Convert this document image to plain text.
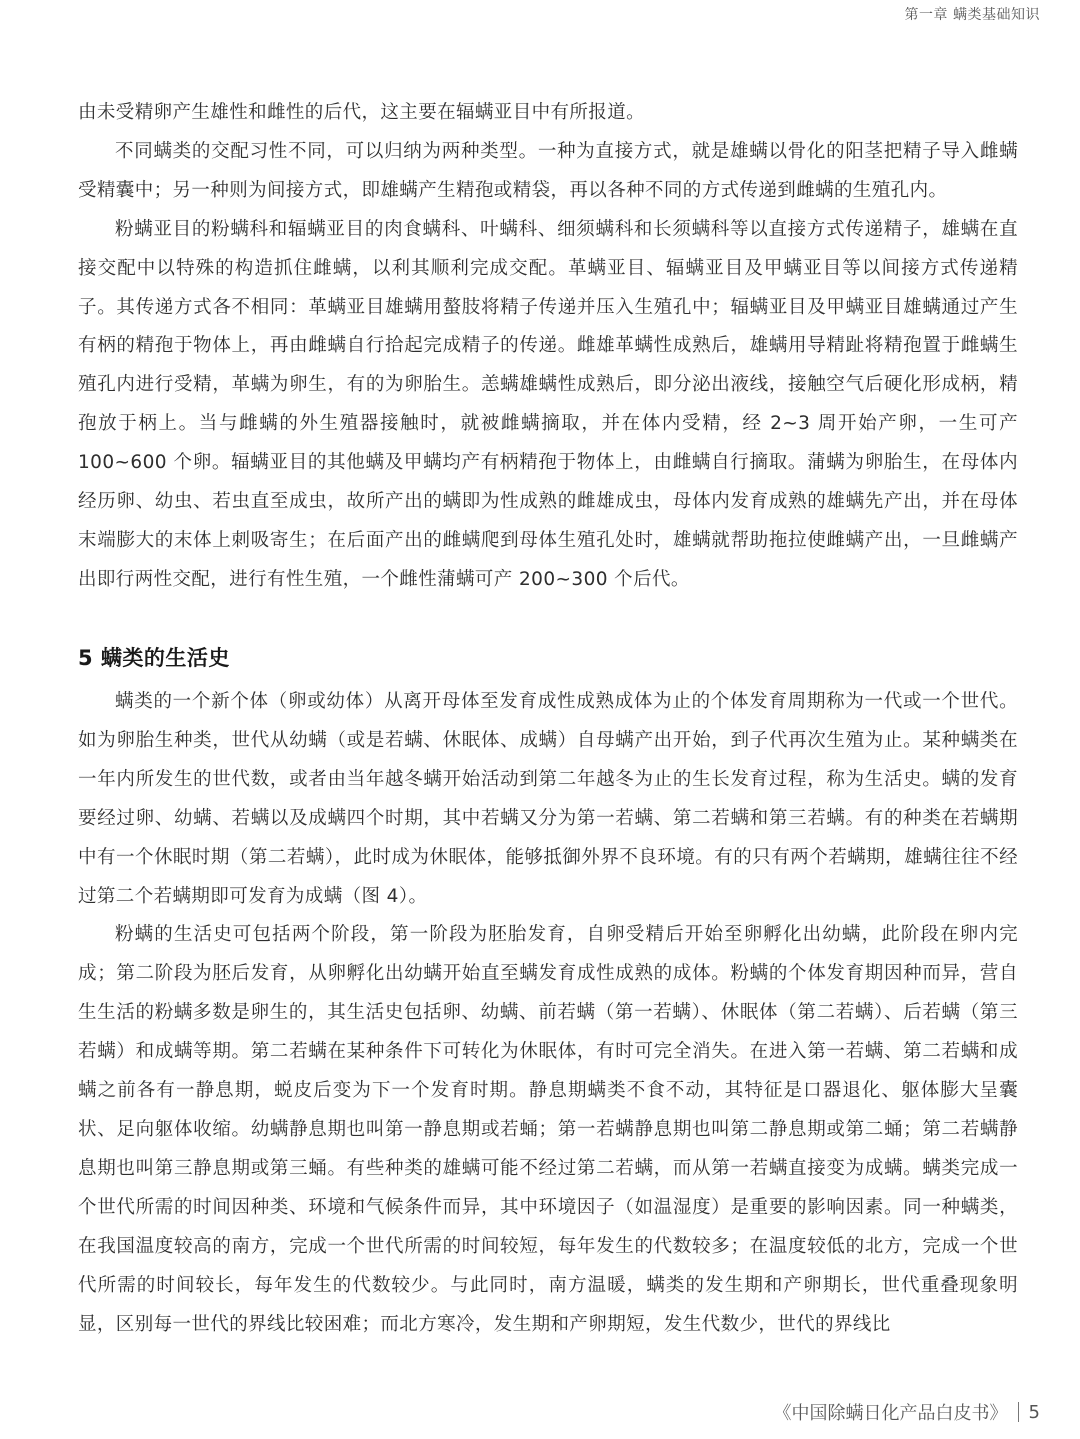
第一章 螨类基础知识

由未受精卵产生雄性和雌性的后代，这主要在辐螨亚目中有所报道。

不同螨类的交配习性不同，可以归纳为两种类型。一种为直接方式，就是雄螨以骨化的阳茎把精子导入雌螨受精囊中；另一种则为间接方式，即雄螨产生精孢或精袋，再以各种不同的方式传递到雌螨的生殖孔内。

粉螨亚目的粉螨科和辐螨亚目的肉食螨科、叶螨科、细须螨科和长须螨科等以直接方式传递精子，雄螨在直接交配中以特殊的构造抓住雌螨，以利其顺利完成交配。革螨亚目、辐螨亚目及甲螨亚目等以间接方式传递精子。其传递方式各不相同：革螨亚目雄螨用螯肢将精子传递并压入生殖孔中；辐螨亚目及甲螨亚目雄螨通过产生有柄的精孢于物体上，再由雌螨自行拾起完成精子的传递。雌雄革螨性成熟后，雄螨用导精趾将精孢置于雌螨生殖孔内进行受精，革螨为卵生，有的为卵胎生。恙螨雄螨性成熟后，即分泌出液线，接触空气后硬化形成柄，精孢放于柄上。当与雌螨的外生殖器接触时，就被雌螨摘取，并在体内受精，经 2~3 周开始产卵，一生可产 100~600 个卵。辐螨亚目的其他螨及甲螨均产有柄精孢于物体上，由雌螨自行摘取。蒲螨为卵胎生，在母体内经历卵、幼虫、若虫直至成虫，故所产出的螨即为性成熟的雌雄成虫，母体内发育成熟的雄螨先产出，并在母体末端膨大的末体上刺吸寄生；在后面产出的雌螨爬到母体生殖孔处时，雄螨就帮助拖拉使雌螨产出，一旦雌螨产出即行两性交配，进行有性生殖，一个雌性蒲螨可产 200~300 个后代。

5 螨类的生活史

螨类的一个新个体（卵或幼体）从离开母体至发育成性成熟成体为止的个体发育周期称为一代或一个世代。如为卵胎生种类，世代从幼螨（或是若螨、休眠体、成螨）自母螨产出开始，到子代再次生殖为止。某种螨类在一年内所发生的世代数，或者由当年越冬螨开始活动到第二年越冬为止的生长发育过程，称为生活史。螨的发育要经过卵、幼螨、若螨以及成螨四个时期，其中若螨又分为第一若螨、第二若螨和第三若螨。有的种类在若螨期中有一个休眠时期（第二若螨），此时成为休眠体，能够抵御外界不良环境。有的只有两个若螨期，雄螨往往不经过第二个若螨期即可发育为成螨（图 4）。

粉螨的生活史可包括两个阶段，第一阶段为胚胎发育，自卵受精后开始至卵孵化出幼螨，此阶段在卵内完成；第二阶段为胚后发育，从卵孵化出幼螨开始直至螨发育成性成熟的成体。粉螨的个体发育期因种而异，营自生生活的粉螨多数是卵生的，其生活史包括卵、幼螨、前若螨（第一若螨）、休眠体（第二若螨）、后若螨（第三若螨）和成螨等期。第二若螨在某种条件下可转化为休眠体，有时可完全消失。在进入第一若螨、第二若螨和成螨之前各有一静息期，蜕皮后变为下一个发育时期。静息期螨类不食不动，其特征是口器退化、躯体膨大呈囊状、足向躯体收缩。幼螨静息期也叫第一静息期或若蛹；第一若螨静息期也叫第二静息期或第二蛹；第二若螨静息期也叫第三静息期或第三蛹。有些种类的雄螨可能不经过第二若螨，而从第一若螨直接变为成螨。螨类完成一个世代所需的时间因种类、环境和气候条件而异，其中环境因子（如温湿度）是重要的影响因素。同一种螨类，在我国温度较高的南方，完成一个世代所需的时间较短，每年发生的代数较多；在温度较低的北方，完成一个世代所需的时间较长，每年发生的代数较少。与此同时，南方温暖，螨类的发生期和产卵期长，世代重叠现象明显，区别每一世代的界线比较困难；而北方寒冷，发生期和产卵期短，发生代数少，世代的界线比

《中国除螨日化产品白皮书》 5
